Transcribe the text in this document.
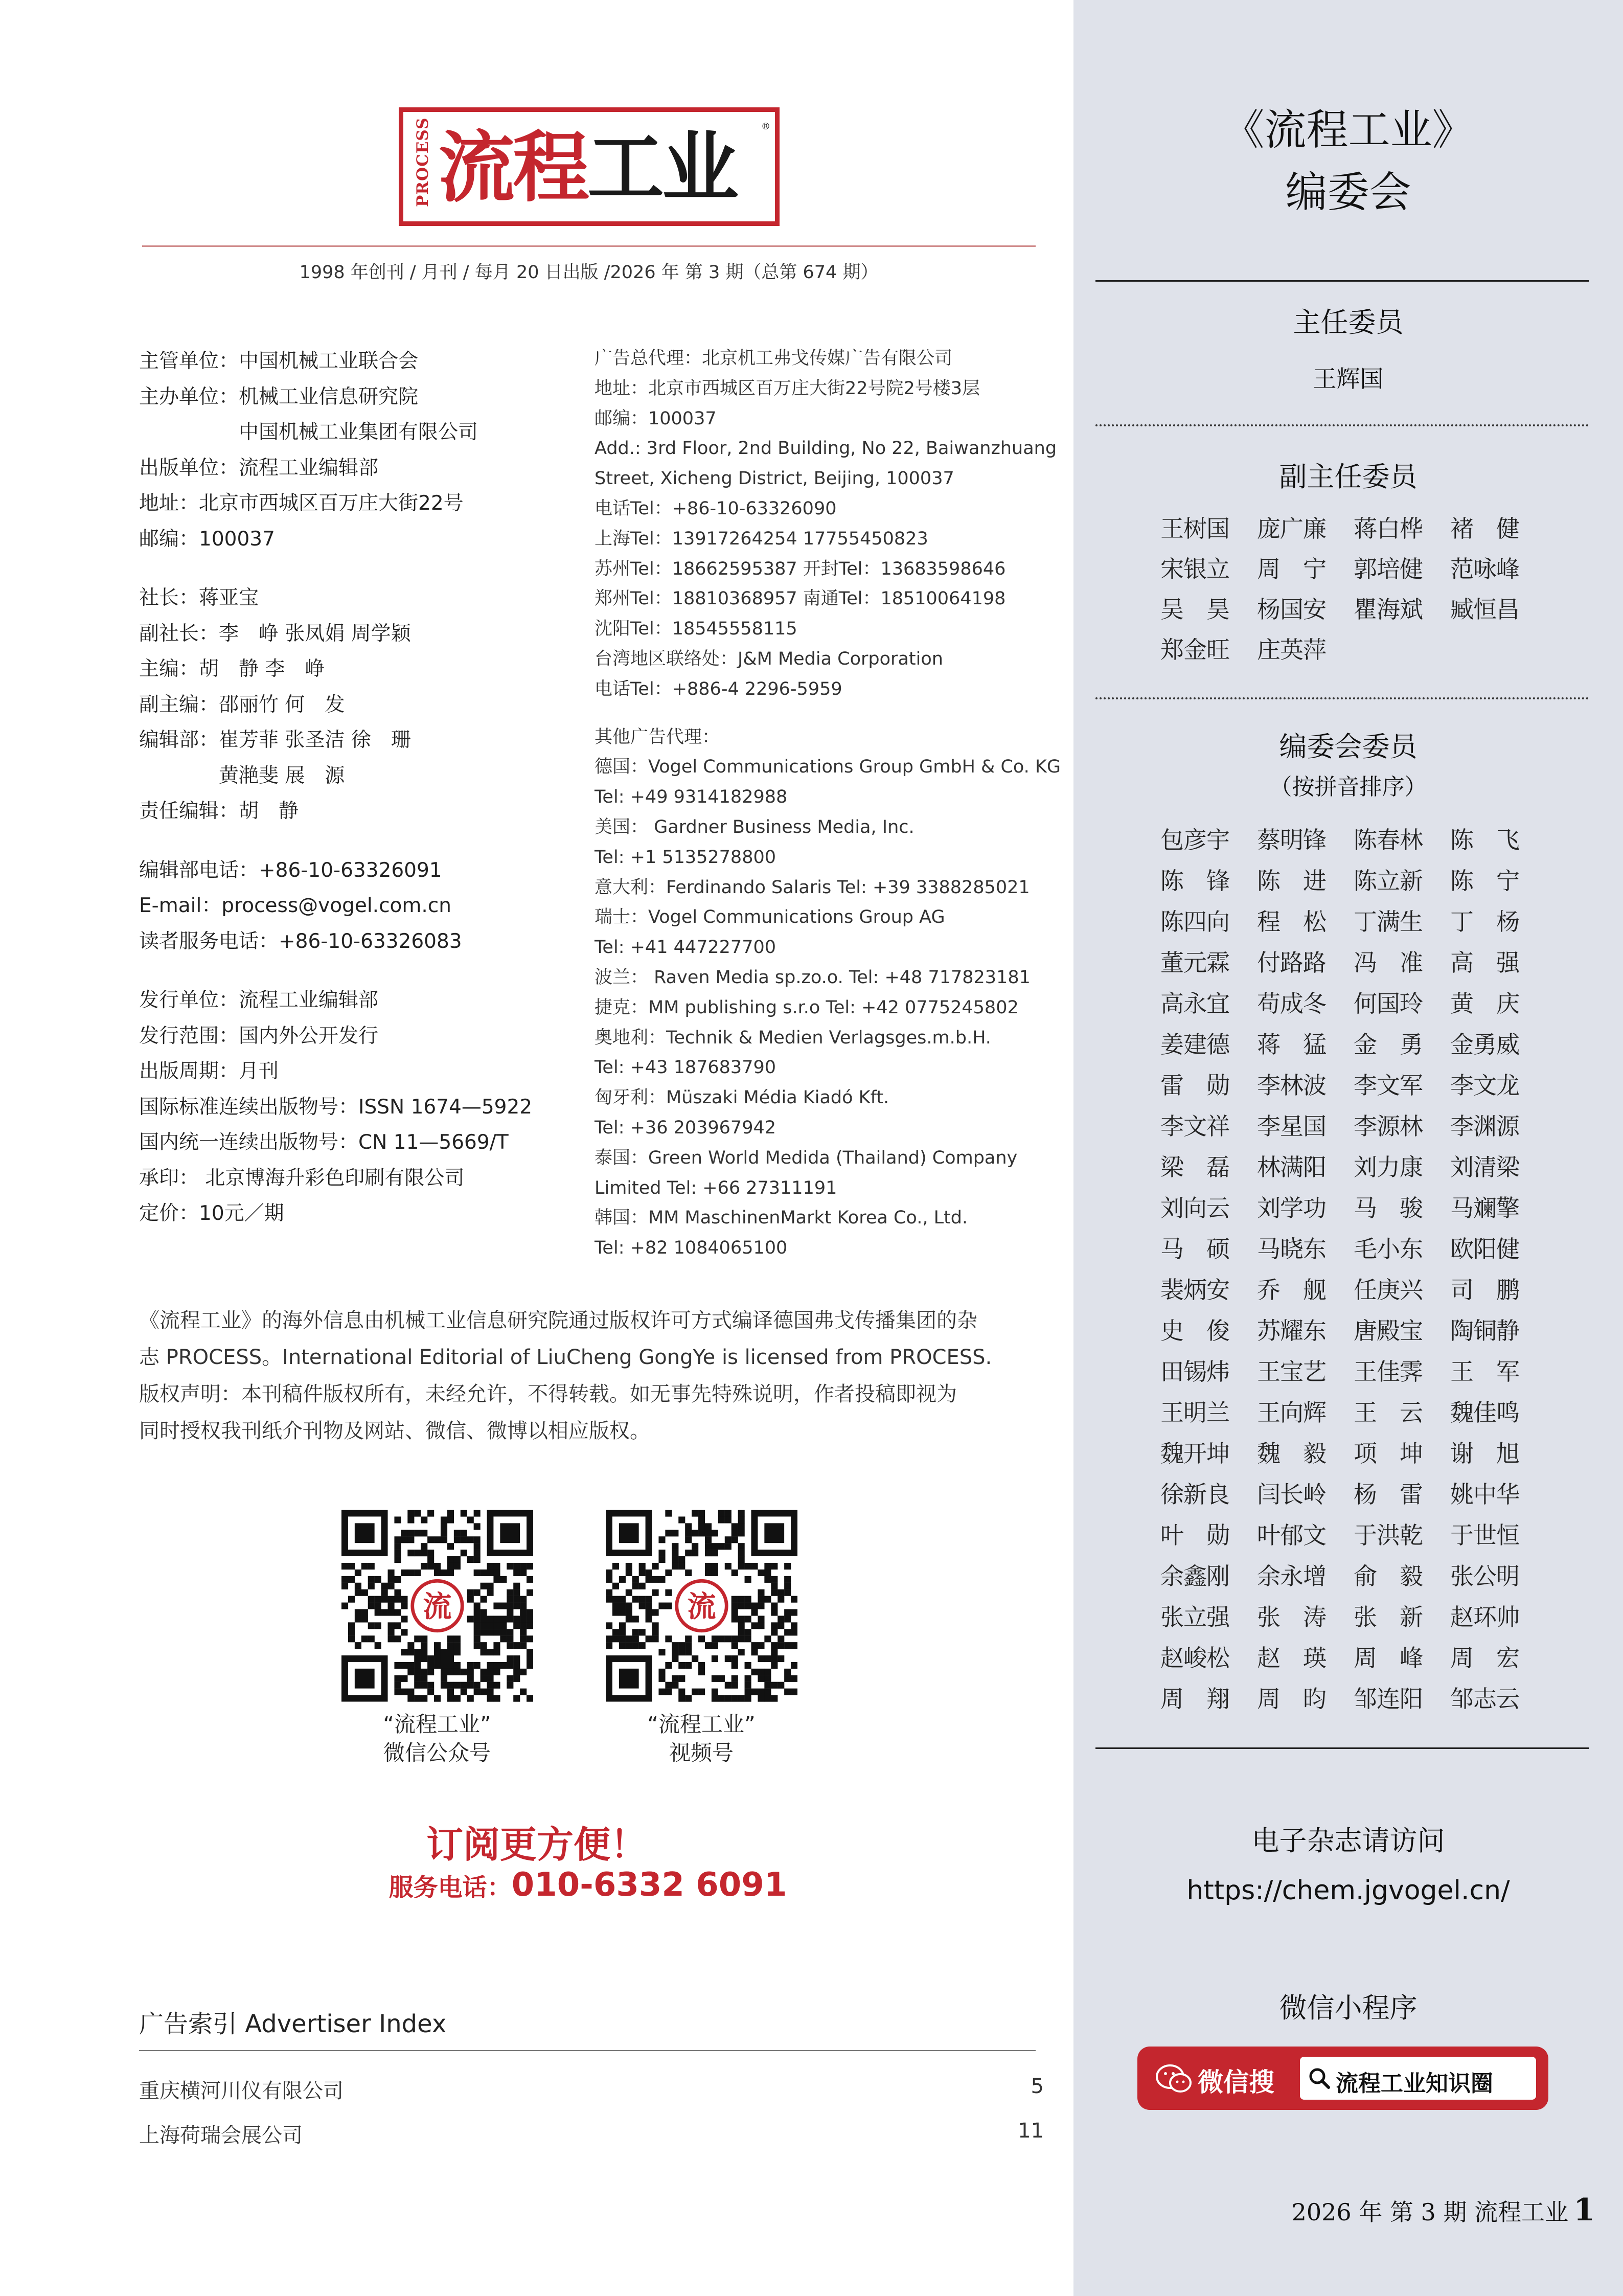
PROCESS 流程 工业	®
1998 年创刊 / 月刊 / 每月 20 日出版 /2026 年 第 3 期（总第 674 期）
主管单位：中国机械工业联合会
主办单位：机械工业信息研究院
　　　　　中国机械工业集团有限公司
出版单位：流程工业编辑部
地址：北京市西城区百万庄大街22号
邮编：100037
社长：蒋亚宝
副社长：李　峥 张凤娟 周学颖
主编：胡　静 李　峥
副主编：邵丽竹 何　发
编辑部：崔芳菲 张圣洁 徐　珊
　　　　黄滟斐 展　源
责任编辑：胡　静
编辑部电话：+86-10-63326091
E-mail：process@vogel.com.cn
读者服务电话：+86-10-63326083
发行单位：流程工业编辑部
发行范围：国内外公开发行
出版周期：月刊
国际标准连续出版物号：ISSN 1674—5922
国内统一连续出版物号：CN 11—5669/T
承印： 北京博海升彩色印刷有限公司
定价：10元／期
广告总代理：北京机工弗戈传媒广告有限公司
地址：北京市西城区百万庄大街22号院2号楼3层
邮编：100037
Add.: 3rd Floor, 2nd Building, No 22, Baiwanzhuang
Street, Xicheng District, Beijing, 100037
电话Tel：+86-10-63326090
上海Tel：13917264254 17755450823
苏州Tel：18662595387 开封Tel：13683598646
郑州Tel：18810368957 南通Tel：18510064198
沈阳Tel：18545558115
台湾地区联络处：J&M Media Corporation
电话Tel：+886-4 2296-5959
其他广告代理：
德国：Vogel Communications Group GmbH & Co. KG
Tel: +49 9314182988
美国： Gardner Business Media, Inc.
Tel: +1 5135278800
意大利：Ferdinando Salaris Tel: +39 3388285021
瑞士：Vogel Communications Group AG
Tel: +41 447227700
波兰： Raven Media sp.zo.o. Tel: +48 717823181
捷克：MM publishing s.r.o Tel: +42 0775245802
奥地利：Technik & Medien Verlagsges.m.b.H.
Tel: +43 187683790
匈牙利：Müszaki Média Kiadó Kft.
Tel: +36 203967942
泰国：Green World Medida (Thailand) Company
Limited Tel: +66 27311191
韩国：MM MaschinenMarkt Korea Co., Ltd.
Tel: +82 1084065100
《流程工业》的海外信息由机械工业信息研究院通过版权许可方式编译德国弗戈传播集团的杂
志 PROCESS。International Editorial of LiuCheng GongYe is licensed from PROCESS.
版权声明：本刊稿件版权所有，未经允许，不得转载。如无事先特殊说明，作者投稿即视为
同时授权我刊纸介刊物及网站、微信、微博以相应版权。
流	流
“流程工业”
微信公众号
“流程工业”
视频号
订阅更方便！
服务电话：010-6332 6091
广告索引 Advertiser Index
重庆横河川仪有限公司	5
上海荷瑞会展公司	11
《流程工业》
编委会
主任委员
王辉国
副主任委员
王树国	庞广廉	蒋白桦	褚　健
宋银立	周　宁	郭培健	范咏峰
吴　昊	杨国安	瞿海斌	臧恒昌
郑金旺	庄英萍
编委会委员
（按拼音排序）
包彦宇	蔡明锋	陈春林	陈　飞
陈　锋	陈　进	陈立新	陈　宁
陈四向	程　松	丁满生	丁　杨
董元霖	付路路	冯　准	高　强
高永宜	苟成冬	何国玲	黄　庆
姜建德	蒋　猛	金　勇	金勇威
雷　勋	李林波	李文军	李文龙
李文祥	李星国	李源林	李渊源
梁　磊	林满阳	刘力康	刘清梁
刘向云	刘学功	马　骏	马斓擎
马　硕	马晓东	毛小东	欧阳健
裴炳安	乔　舰	任庚兴	司　鹏
史　俊	苏耀东	唐殿宝	陶铜静
田锡炜	王宝艺	王佳霁	王　军
王明兰	王向辉	王　云	魏佳鸣
魏开坤	魏　毅	项　坤	谢　旭
徐新良	闫长岭	杨　雷	姚中华
叶　勋	叶郁文	于洪乾	于世恒
余鑫刚	余永增	俞　毅	张公明
张立强	张　涛	张　新	赵环帅
赵峻松	赵　瑛	周　峰	周　宏
周　翔	周　昀	邹连阳	邹志云
电子杂志请访问
https://chem.jgvogel.cn/
微信小程序
微信搜	流程工业知识圈
2026 年 第 3 期 流程工业 1
